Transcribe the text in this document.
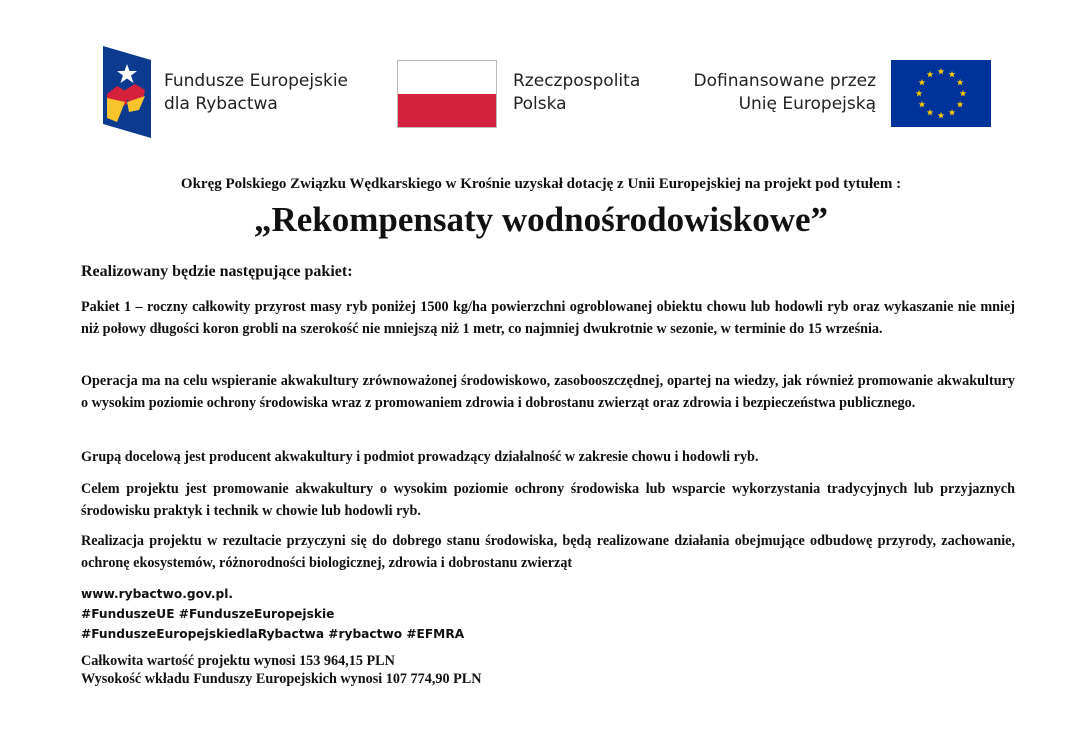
Fundusze Europejskie
dla Rybactwa
Rzeczpospolita
Polska
Dofinansowane przez
Unię Europejską
Okręg Polskiego Związku Wędkarskiego w Krośnie uzyskał dotację z Unii Europejskiej na projekt pod tytułem :
„Rekompensaty wodnośrodowiskowe”
Realizowany będzie następujące pakiet:
Pakiet 1 – roczny całkowity przyrost masy ryb poniżej 1500 kg/ha powierzchni ogroblowanej obiektu chowu lub hodowli ryb oraz wykaszanie nie mniej niż połowy długości koron grobli na szerokość nie mniejszą niż 1 metr, co najmniej dwukrotnie w sezonie, w terminie do 15 września.
Operacja ma na celu wspieranie akwakultury zrównoważonej środowiskowo, zasobooszczędnej, opartej na wiedzy, jak również promowanie akwakultury o wysokim poziomie ochrony środowiska wraz z promowaniem zdrowia i dobrostanu zwierząt oraz zdrowia i bezpieczeństwa publicznego.
Grupą docelową jest producent akwakultury i podmiot prowadzący działalność w zakresie chowu i hodowli ryb.
Celem projektu jest promowanie akwakultury o wysokim poziomie ochrony środowiska lub wsparcie wykorzystania tradycyjnych lub przyjaznych środowisku praktyk i technik w chowie lub hodowli ryb.
Realizacja projektu w rezultacie przyczyni się do dobrego stanu środowiska, będą realizowane działania obejmujące odbudowę przyrody, zachowanie, ochronę ekosystemów, różnorodności biologicznej, zdrowia i dobrostanu zwierząt
www.rybactwo.gov.pl.
#FunduszeUE #FunduszeEuropejskie
#FunduszeEuropejskiedlaRybactwa #rybactwo #EFMRA
Całkowita wartość projektu wynosi 153 964,15 PLN
Wysokość wkładu Funduszy Europejskich wynosi 107 774,90 PLN
